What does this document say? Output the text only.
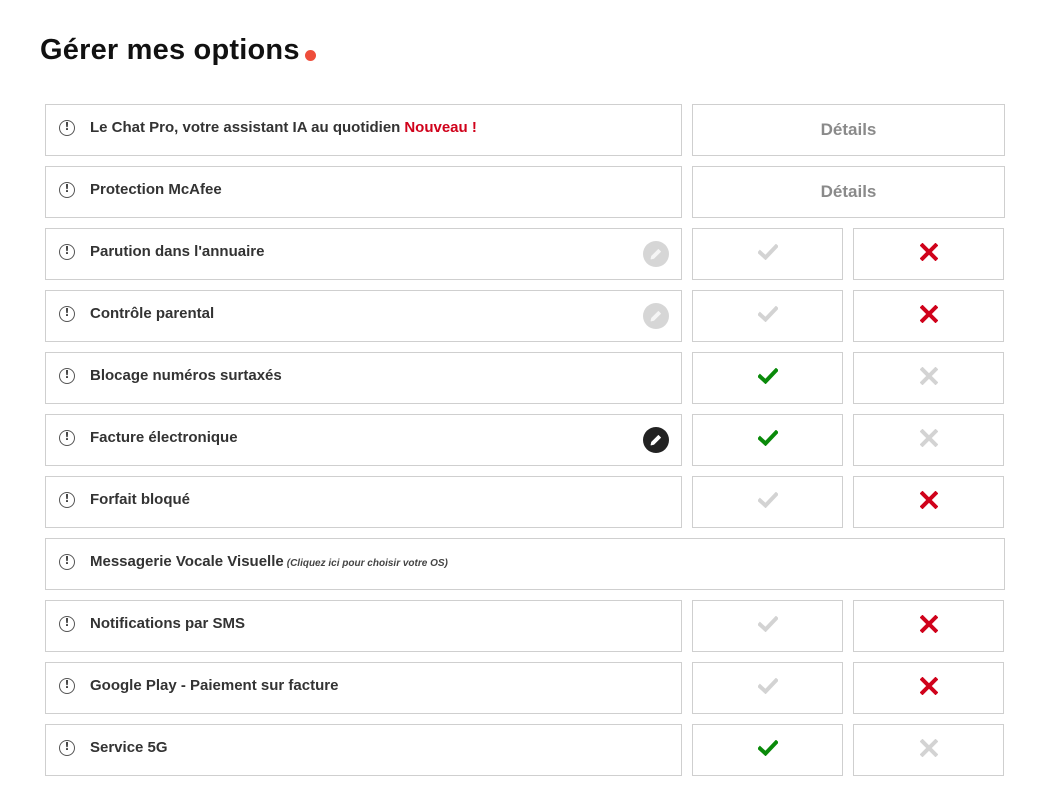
Gérer mes options
!
Le Chat Pro, votre assistant IA au quotidien Nouveau !	Détails
!
Protection McAfee	Détails
!
Parution dans l'annuaire
!
Contrôle parental
!
Blocage numéros surtaxés
!
Facture électronique
!
Forfait bloqué
!
Messagerie Vocale Visuelle (Cliquez ici pour choisir votre OS)
!
Notifications par SMS
!
Google Play - Paiement sur facture
!
Service 5G
